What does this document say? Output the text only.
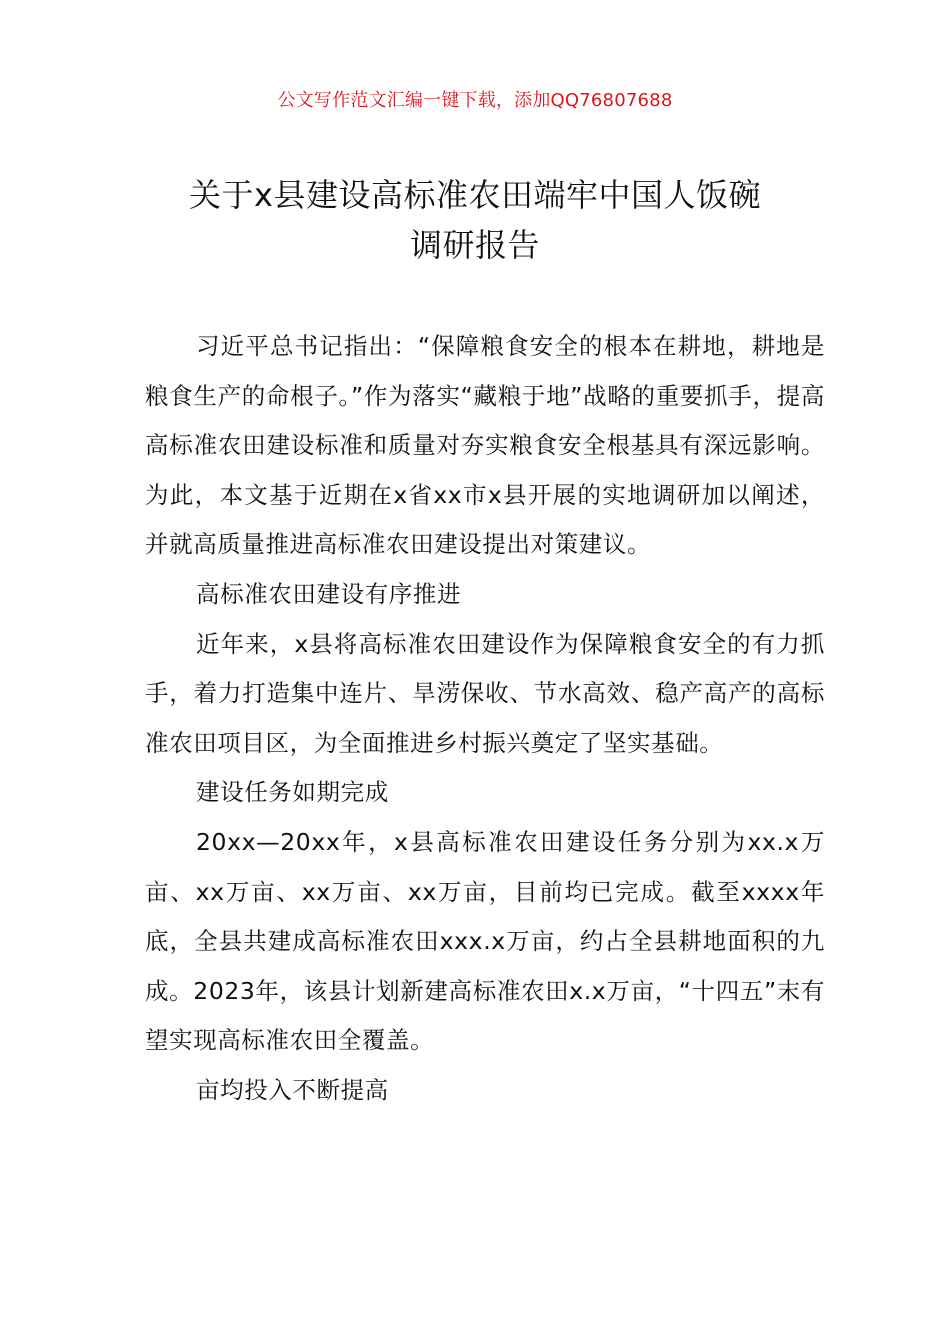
公文写作范文汇编一键下载，添加QQ76807688
关于x县建设高标准农田端牢中国人饭碗
调研报告

习近平总书记指出：“保障粮食安全的根本在耕地，耕地是粮食生产的命根子。”作为落实“藏粮于地”战略的重要抓手，提高高标准农田建设标准和质量对夯实粮食安全根基具有深远影响。为此，本文基于近期在x省xx市x县开展的实地调研加以阐述，并就高质量推进高标准农田建设提出对策建议。

高标准农田建设有序推进

近年来，x县将高标准农田建设作为保障粮食安全的有力抓手，着力打造集中连片、旱涝保收、节水高效、稳产高产的高标准农田项目区，为全面推进乡村振兴奠定了坚实基础。

建设任务如期完成

20xx—20xx年，x县高标准农田建设任务分别为xx.x万亩、xx万亩、xx万亩、xx万亩，目前均已完成。截至xxxx年底，全县共建成高标准农田xxx.x万亩，约占全县耕地面积的九成。2023年，该县计划新建高标准农田x.x万亩，“十四五”末有望实现高标准农田全覆盖。

亩均投入不断提高
